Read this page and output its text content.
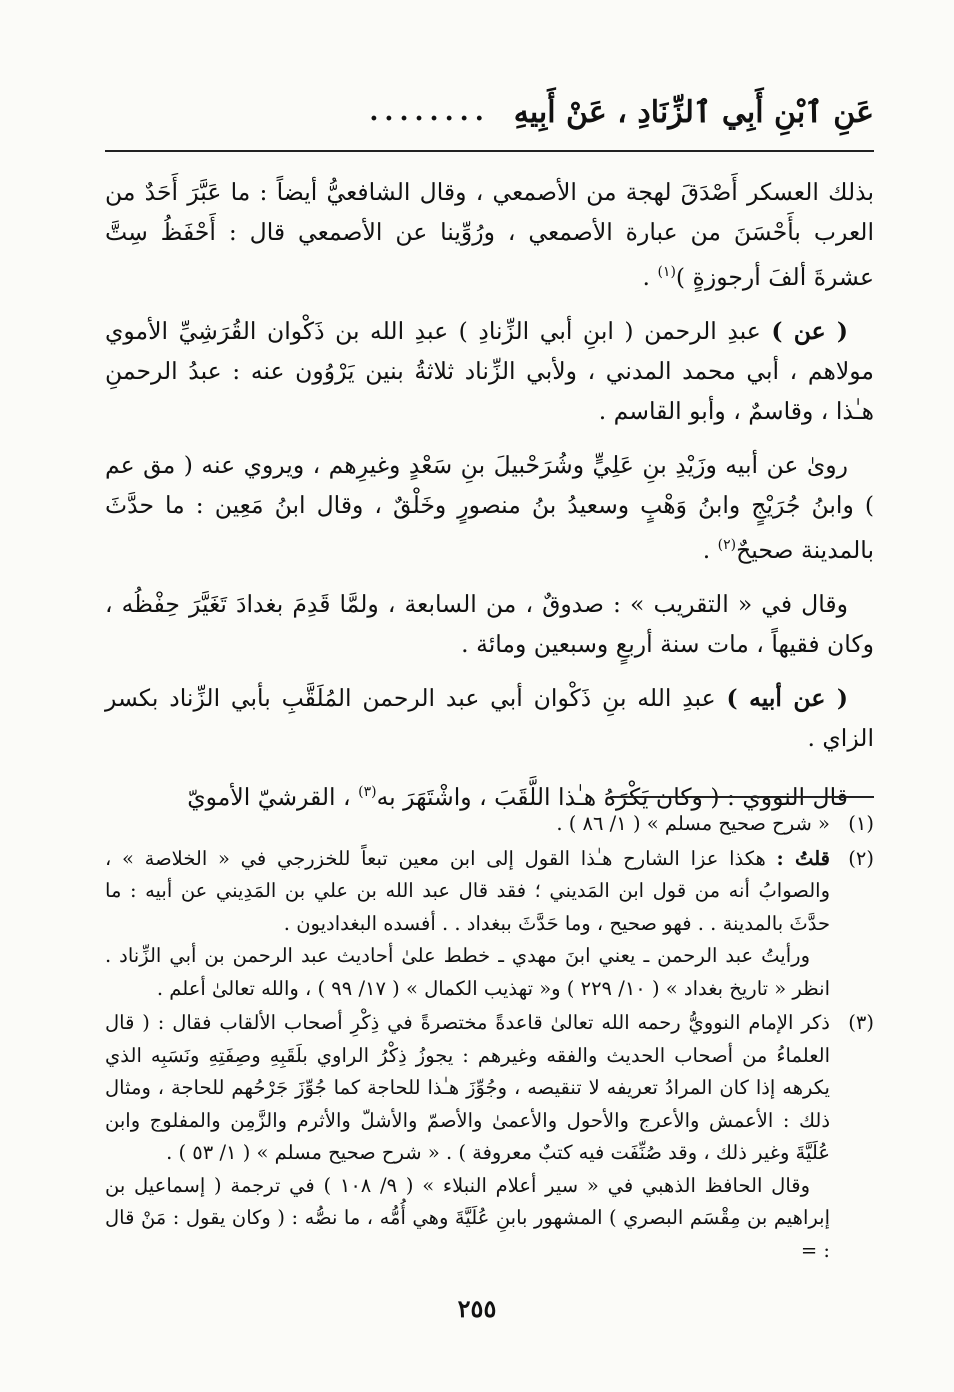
عَنِ ٱبْنِ أَبِي ٱلزِّنَادِ ، عَنْ أَبِيهِ
........

بذلك العسكر أَصْدَقَ لهجة من الأصمعي ، وقال الشافعيُّ أيضاً : ما عَبَّرَ أَحَدٌ من العرب بأَحْسَنَ من عبارة الأصمعي ، ورُوِّينا عن الأصمعي قال : أَحْفَظُ سِتَّ عشرةَ ألفَ أرجوزةٍ )$^{(١)}$ .

( عن ) عبدِ الرحمن ( ابنِ أبي الزِّنادِ ) عبدِ الله بن ذَكْوان القُرَشِيِّ الأموي مولاهم ، أبي محمد المدني ، ولأبي الزِّناد ثلاثةُ بنين يَرْوُون عنه : عبدُ الرحمنِ هـٰذا ، وقاسمٌ ، وأبو القاسم .

روىٰ عن أبيه وزَيْدِ بنِ عَلِيٍّ وشُرَحْبيلَ بنِ سَعْدٍ وغيرِهم ، ويروي عنه ( مق عم ) وابنُ جُرَيْجٍ وابنُ وَهْبٍ وسعيدُ بنُ منصورٍ وخَلْقٌ ، وقال ابنُ مَعِين : ما حدَّثَ بالمدينة صحيحٌ$^{(٢)}$ .

وقال في « التقريب » : صدوقٌ ، من السابعة ، ولمَّا قَدِمَ بغدادَ تَغَيَّرَ حِفْظُه ، وكان فقيهاً ، مات سنة أربعٍ وسبعين ومائة .

( عن أبيه ) عبدِ الله بنِ ذَكْوان أبي عبد الرحمن المُلَقَّبِ بأبي الزِّناد بكسر الزاي .

قال النووي : ( وكان يَكْرَهُ هـٰذا اللَّقَبَ ، واشْتَهَرَ به$^{(٣)}$ ، القرشيّ الأمويّ

(١)

« شرح صحيح مسلم » ( ١/ ٨٦ ) .

(٢)

قلتُ : هكذا عزا الشارح هـٰذا القول إلى ابن معين تبعاً للخزرجي في « الخلاصة » ، والصوابُ أنه من قول ابن المَديني ؛ فقد قال عبد الله بن علي بن المَدِيني عن أبيه : ما حدَّثَ بالمدينة . . فهو صحيح ، وما حَدَّثَ ببغداد . . أفسده البغداديون .

ورأيتُ عبد الرحمن ـ يعني ابنَ مهدي ـ خطط علىٰ أحاديث عبد الرحمن بن أبي الزِّناد . انظر « تاريخ بغداد » ( ١٠/ ٢٢٩ ) و« تهذيب الكمال » ( ١٧/ ٩٩ ) ، والله تعالىٰ أعلم .

(٣)

ذكر الإمام النوويُّ رحمه الله تعالىٰ قاعدةً مختصرةً في ذِكْرِ أصحاب الألقاب فقال : ( قال العلماءُ من أصحاب الحديث والفقه وغيرهم : يجوزُ ذِكْرُ الراوي بلَقَبِهِ وصِفَتِهِ ونَسَبِه الذي يكرهه إذا كان المرادُ تعريفه لا تنقيصه ، وجُوِّزَ هـٰذا للحاجة كما جُوِّزَ جَرْحُهم للحاجة ، ومثال ذلك : الأعمش والأعرج والأحول والأعمىٰ والأصمّ والأشلّ والأثرم والزَّمِن والمفلوج وابن عُلَيَّةَ وغير ذلك ، وقد صُنِّفَت فيه كتبٌ معروفة ) . « شرح صحيح مسلم » ( ١/ ٥٣ ) .

وقال الحافظ الذهبي في « سير أعلام النبلاء » ( ٩/ ١٠٨ ) في ترجمة ( إسماعيل بن إبراهيم بن مِقْسَم البصري ) المشهور بابنِ عُلَيَّةَ وهي أُمُّه ، ما نصُّه : ( وكان يقول : مَنْ قال : =

٢٥٥
